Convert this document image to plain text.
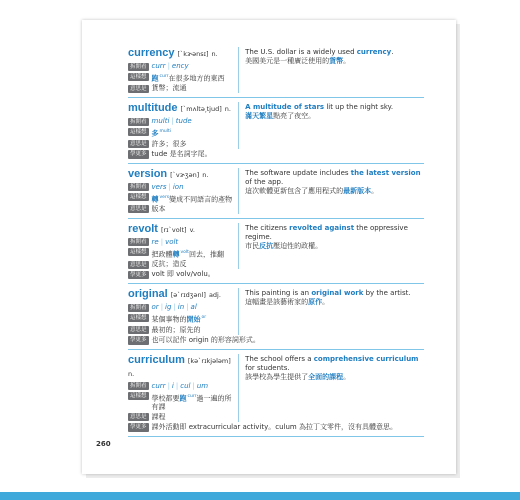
currency [ˋkɝənsɪ] n.
拆開看 curr | ency
這樣想 跑$^{curr}$在很多地方的東西
意思是 貨幣；流通
The U.S. dollar is a widely used currency.
美國美元是一種廣泛使用的貨幣。
multitude [ˋmʌltə͵tjud] n.
拆開看 multi | tude
這樣想 多$^{multi}$
意思是 許多；很多
A multitude of stars lit up the night sky.
滿天繁星點亮了夜空。
學更多 tude 是名詞字尾。
version [ˋvɝʒən] n.
拆開看 vers | ion
這樣想 轉$^{vers}$變成不同語言的產物
意思是 版本
The software update includes the latest version of the app.
這次軟體更新包含了應用程式的最新版本。
revolt [rɪˋvolt] v.
拆開看 re | volt
這樣想 把政體轉$^{volt}$回去，推翻
意思是 反抗；造反
The citizens revolted against the oppressive regime.
市民反抗壓迫性的政權。
學更多 volt 即 volv/volu。
original [əˋrɪdʒənl] adj.
拆開看 or | ig | in | al
這樣想 某個事物的開始$^{or}$
意思是 最初的；原先的
This painting is an original work by the artist.
這幅畫是該藝術家的原作。
學更多 也可以記作 origin 的形容詞形式。
curriculum [kəˋrɪkjələm]
n.
拆開看 curr | i | cul | um
這樣想 學校都要跑$^{curr}$過一遍的所有課
意思是 課程
The school offers a comprehensive curriculum for students.
該學校為學生提供了全面的課程。
學更多 課外活動即 extracurricular activity。culum 為拉丁文零件，沒有具體意思。
260
